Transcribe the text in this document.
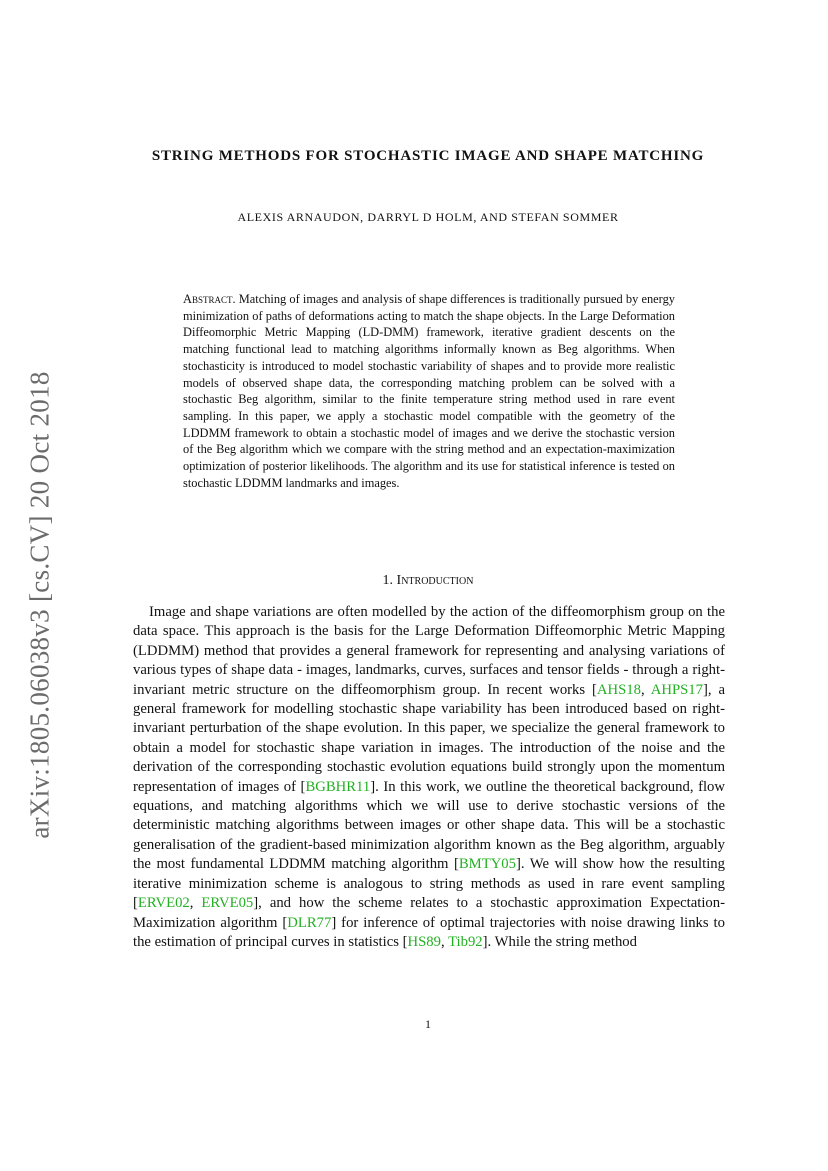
arXiv:1805.06038v3 [cs.CV] 20 Oct 2018
STRING METHODS FOR STOCHASTIC IMAGE AND SHAPE MATCHING
ALEXIS ARNAUDON, DARRYL D HOLM, AND STEFAN SOMMER
Abstract. Matching of images and analysis of shape differences is traditionally pursued by energy minimization of paths of deformations acting to match the shape objects. In the Large Deformation Diffeomorphic Metric Mapping (LD-DMM) framework, iterative gradient descents on the matching functional lead to matching algorithms informally known as Beg algorithms. When stochasticity is introduced to model stochastic variability of shapes and to provide more realistic models of observed shape data, the corresponding matching problem can be solved with a stochastic Beg algorithm, similar to the finite temperature string method used in rare event sampling. In this paper, we apply a stochastic model compatible with the geometry of the LDDMM framework to obtain a stochastic model of images and we derive the stochastic version of the Beg algorithm which we compare with the string method and an expectation-maximization optimization of posterior likelihoods. The algorithm and its use for statistical inference is tested on stochastic LDDMM landmarks and images.
1. Introduction
Image and shape variations are often modelled by the action of the diffeomorphism group on the data space. This approach is the basis for the Large Deformation Diffeomorphic Metric Mapping (LDDMM) method that provides a general framework for representing and analysing variations of various types of shape data - images, landmarks, curves, surfaces and tensor fields - through a right-invariant metric structure on the diffeomorphism group. In recent works [AHS18, AHPS17], a general framework for modelling stochastic shape variability has been introduced based on right-invariant perturbation of the shape evolution. In this paper, we specialize the general framework to obtain a model for stochastic shape variation in images. The introduction of the noise and the derivation of the corresponding stochastic evolution equations build strongly upon the momentum representation of images of [BGBHR11]. In this work, we outline the theoretical background, flow equations, and matching algorithms which we will use to derive stochastic versions of the deterministic matching algorithms between images or other shape data. This will be a stochastic generalisation of the gradient-based minimization algorithm known as the Beg algorithm, arguably the most fundamental LDDMM matching algorithm [BMTY05]. We will show how the resulting iterative minimization scheme is analogous to string methods as used in rare event sampling [ERVE02, ERVE05], and how the scheme relates to a stochastic approximation Expectation-Maximization algorithm [DLR77] for inference of optimal trajectories with noise drawing links to the estimation of principal curves in statistics [HS89, Tib92]. While the string method
1
